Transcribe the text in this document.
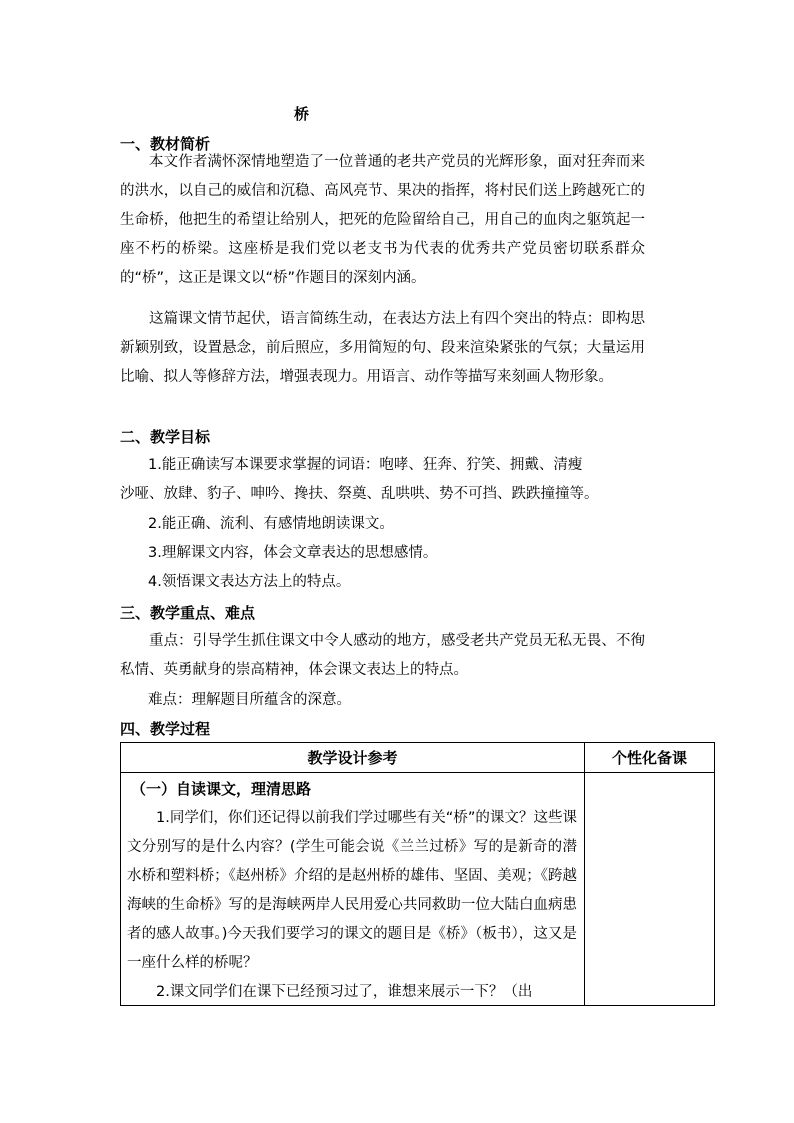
桥
一、教材简析
本文作者满怀深情地塑造了一位普通的老共产党员的光辉形象，面对狂奔而来的洪水，以自己的威信和沉稳、高风亮节、果决的指挥，将村民们送上跨越死亡的生命桥，他把生的希望让给别人，把死的危险留给自己，用自己的血肉之躯筑起一座不朽的桥梁。这座桥是我们党以老支书为代表的优秀共产党员密切联系群众的“桥”，这正是课文以“桥”作题目的深刻内涵。
这篇课文情节起伏，语言简练生动，在表达方法上有四个突出的特点：即构思新颖别致，设置悬念，前后照应，多用简短的句、段来渲染紧张的气氛；大量运用比喻、拟人等修辞方法，增强表现力。用语言、动作等描写来刻画人物形象。
二、教学目标
1.能正确读写本课要求掌握的词语：咆哮、狂奔、狞笑、拥戴、清瘦
沙哑、放肆、豹子、呻吟、搀扶、祭奠、乱哄哄、势不可挡、跌跌撞撞等。
2.能正确、流利、有感情地朗读课文。
3.理解课文内容，体会文章表达的思想感情。
4.领悟课文表达方法上的特点。
三、教学重点、难点
重点：引导学生抓住课文中令人感动的地方，感受老共产党员无私无畏、不徇私情、英勇献身的崇高精神，体会课文表达上的特点。
难点：理解题目所蕴含的深意。
四、教学过程
教学设计参考	个性化备课

（一）自读课文，理清思路
1.同学们，你们还记得以前我们学过哪些有关“桥”的课文？这些课文分别写的是什么内容？(学生可能会说《兰兰过桥》写的是新奇的潜水桥和塑料桥；《赵州桥》介绍的是赵州桥的雄伟、坚固、美观；《跨越海峡的生命桥》写的是海峡两岸人民用爱心共同救助一位大陆白血病患者的感人故事。)今天我们要学习的课文的题目是《桥》（板书），这又是一座什么样的桥呢？
2.课文同学们在课下已经预习过了，谁想来展示一下？（出	
